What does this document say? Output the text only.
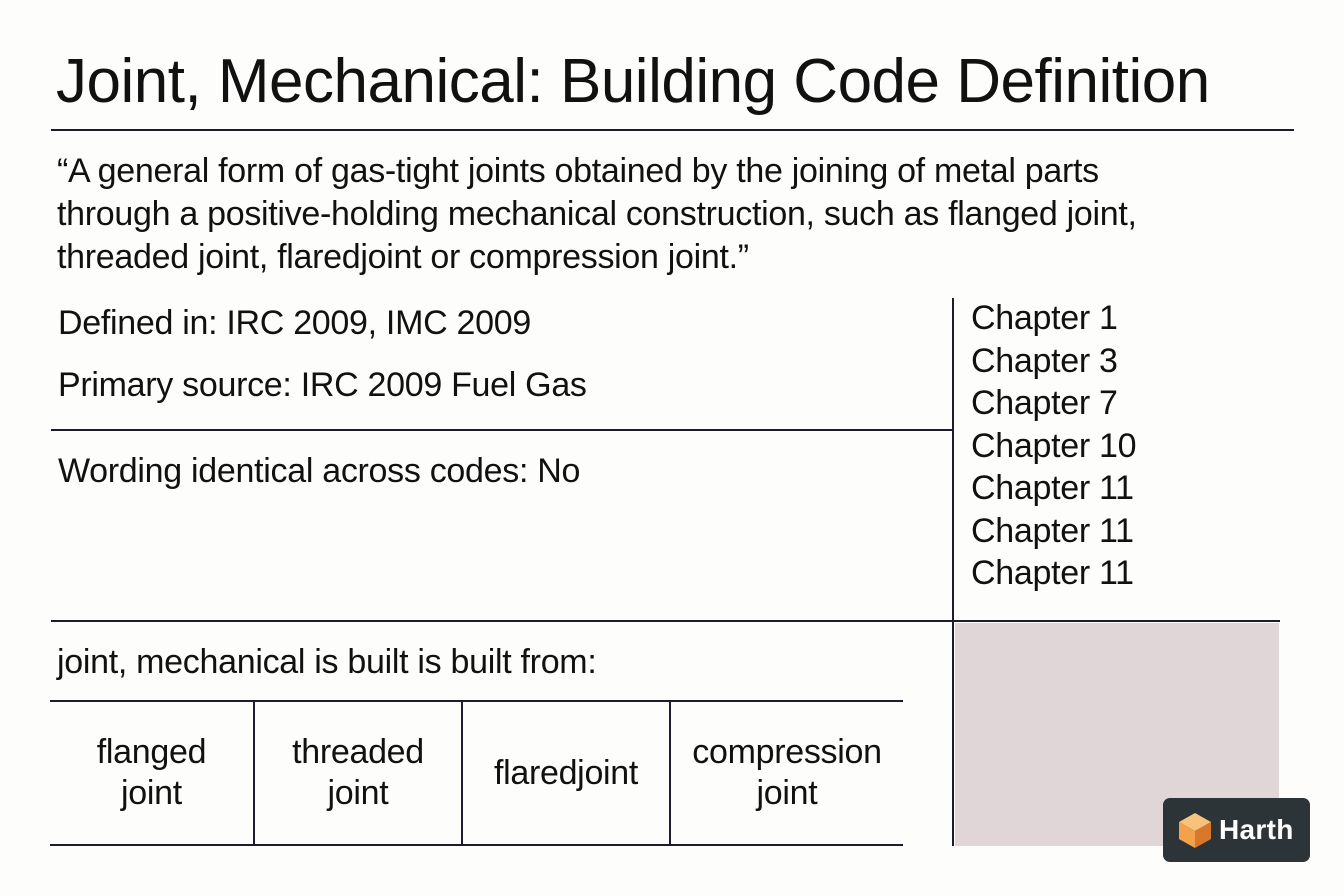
Joint, Mechanical: Building Code Definition

“A general form of gas-tight joints obtained by the joining of metal parts
through a positive-holding mechanical construction, such as flanged joint,
threaded joint, flaredjoint or compression joint.”

Defined in: IRC 2009, IMC 2009
Primary source: IRC 2009 Fuel Gas
Wording identical across codes: No
Chapter 1
Chapter 3
Chapter 7
Chapter 10
Chapter 11
Chapter 11
Chapter 11
joint, mechanical is built is built from:
flanged
joint
threaded
joint
flaredjoint
compression
joint
Harth
